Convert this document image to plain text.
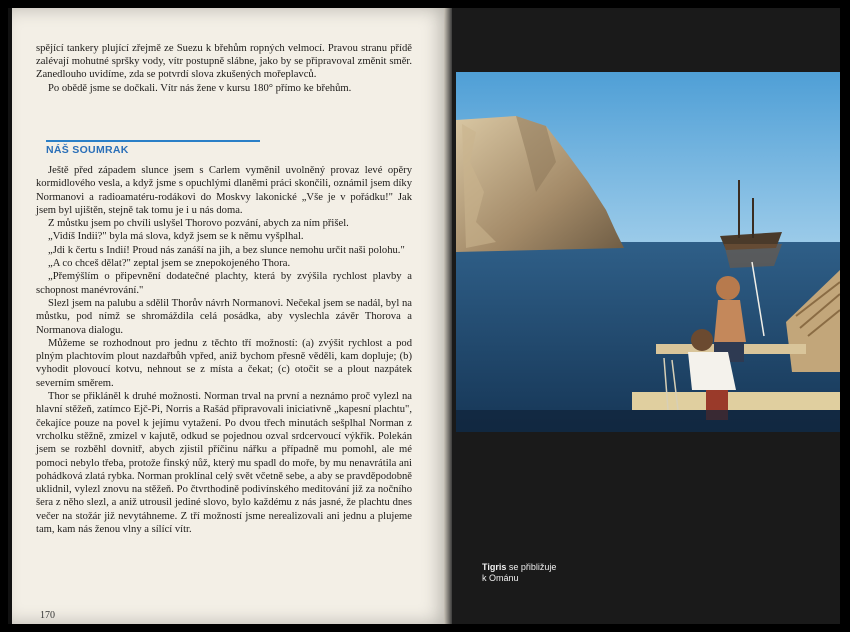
spějící tankery plující zřejmě ze Suezu k břehům ropných velmocí. Pravou stranu přídě zalévají mohutné spršky vody, vítr postupně slábne, jako by se připravoval změnit směr. Zanedlouho uvidíme, zda se potvrdí slova zkušených mořeplavců.

Po obědě jsme se dočkali. Vítr nás žene v kursu 180° přímo ke břehům.

NÁŠ SOUMRAK

Ještě před západem slunce jsem s Carlem vyměnil uvolněný provaz levé opěry kormidlového vesla, a když jsme s opuchlými dlaněmi práci skončili, oznámil jsem díky Normanovi a radioamatéru-rodákovi do Moskvy lakonické „Vše je v pořádku!" Jak jsem byl ujištěn, stejně tak tomu je i u nás doma.

Z můstku jsem po chvíli uslyšel Thorovo pozvání, abych za ním přišel.

„Vidíš Indii?" byla má slova, když jsem se k němu vyšplhal.

„Jdi k čertu s Indií! Proud nás zanáší na jih, a bez slunce nemohu určit naši polohu."

„A co chceš dělat?" zeptal jsem se znepokojeného Thora.

„Přemýšlím o připevnění dodatečné plachty, která by zvýšila rychlost plavby a schopnost manévrování."

Slezl jsem na palubu a sdělil Thorův návrh Normanovi. Nečekal jsem se nadál, byl na můstku, pod nímž se shromáždila celá posádka, aby vyslechla závěr Thorova a Normanova dialogu.

Můžeme se rozhodnout pro jednu z těchto tří možností: (a) zvýšit rychlost a pod plným plachtovím plout nazdařbůh vpřed, aniž bychom přesně věděli, kam dopluje; (b) vyhodit plovoucí kotvu, nehnout se z místa a čekat; (c) otočit se a plout nazpátek severním směrem.

Thor se přikláněl k druhé možnosti. Norman trval na první a neznámo proč vylezl na hlavní stěžeň, zatímco Ejč-Pi, Norris a Rašád připravovali iniciativně „kapesní plachtu", čekajíce pouze na povel k jejímu vytažení. Po dvou třech minutách sešplhal Norman z vrcholku stěžně, zmizel v kajutě, odkud se pojednou ozval srdcervoucí výkřik. Polekán jsem se rozběhl dovnitř, abych zjistil příčinu nářku a případně mu pomohl, ale mé pomoci nebylo třeba, protože finský nůž, který mu spadl do moře, by mu nenavrátila ani pohádková zlatá rybka. Norman proklínal celý svět včetně sebe, a aby se pravděpodobně uklidnil, vylezl znovu na stěžeň. Po čtvrthodině podivínského meditování již za nočního šera z něho slezl, a aniž utrousil jediné slovo, bylo každému z nás jasné, že plachtu dnes večer na stožár již nevytáhneme. Z tří možností jsme nerealizovali ani jednu a plujeme tam, kam nás ženou vlny a sílící vítr.

170
Tigris se přibližuje
k Ománu
